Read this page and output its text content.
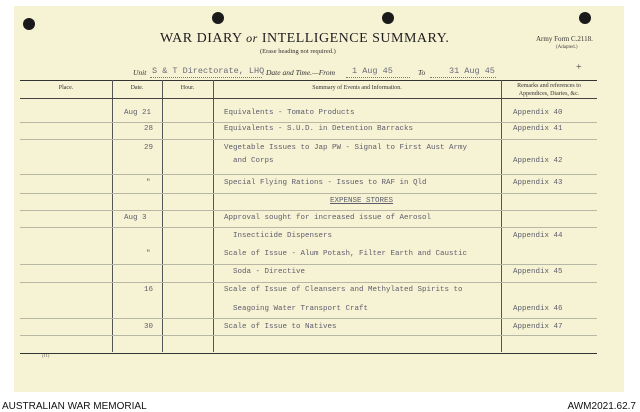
WAR DIARY or INTELLIGENCE SUMMARY.
(Erase heading not required.)
Army Form C.2118.
(Adapted.)
Unit S & T Directorate, LHQ Date and Time.—From 1 Aug 45	To	31 Aug 45	+
Place.	Date.	Hour.	Summary of Events and Information.	Remarks and references to
Appendices, Diaries, &c.
Aug 21	Equivalents - Tomato Products	Appendix 40
28	Equivalents - S.U.D. in Detention Barracks	Appendix 41
29	Vegetable Issues to Jap PW - Signal to First Aust Army
and Corps	Appendix 42
"	Special Flying Rations - Issues to RAF in Qld	Appendix 43
EXPENSE STORES
Aug 3	Approval sought for increased issue of Aerosol
Insecticide Dispensers	Appendix 44
"	Scale of Issue - Alum Potash, Filter Earth and Caustic
Soda - Directive	Appendix 45
16	Scale of Issue of Cleansers and Methylated Spirits to
Seagoing Water Transport Craft	Appendix 46
30	Scale of Issue to Natives	Appendix 47
(11)
AUSTRALIAN WAR MEMORIAL	AWM2021.62.7
